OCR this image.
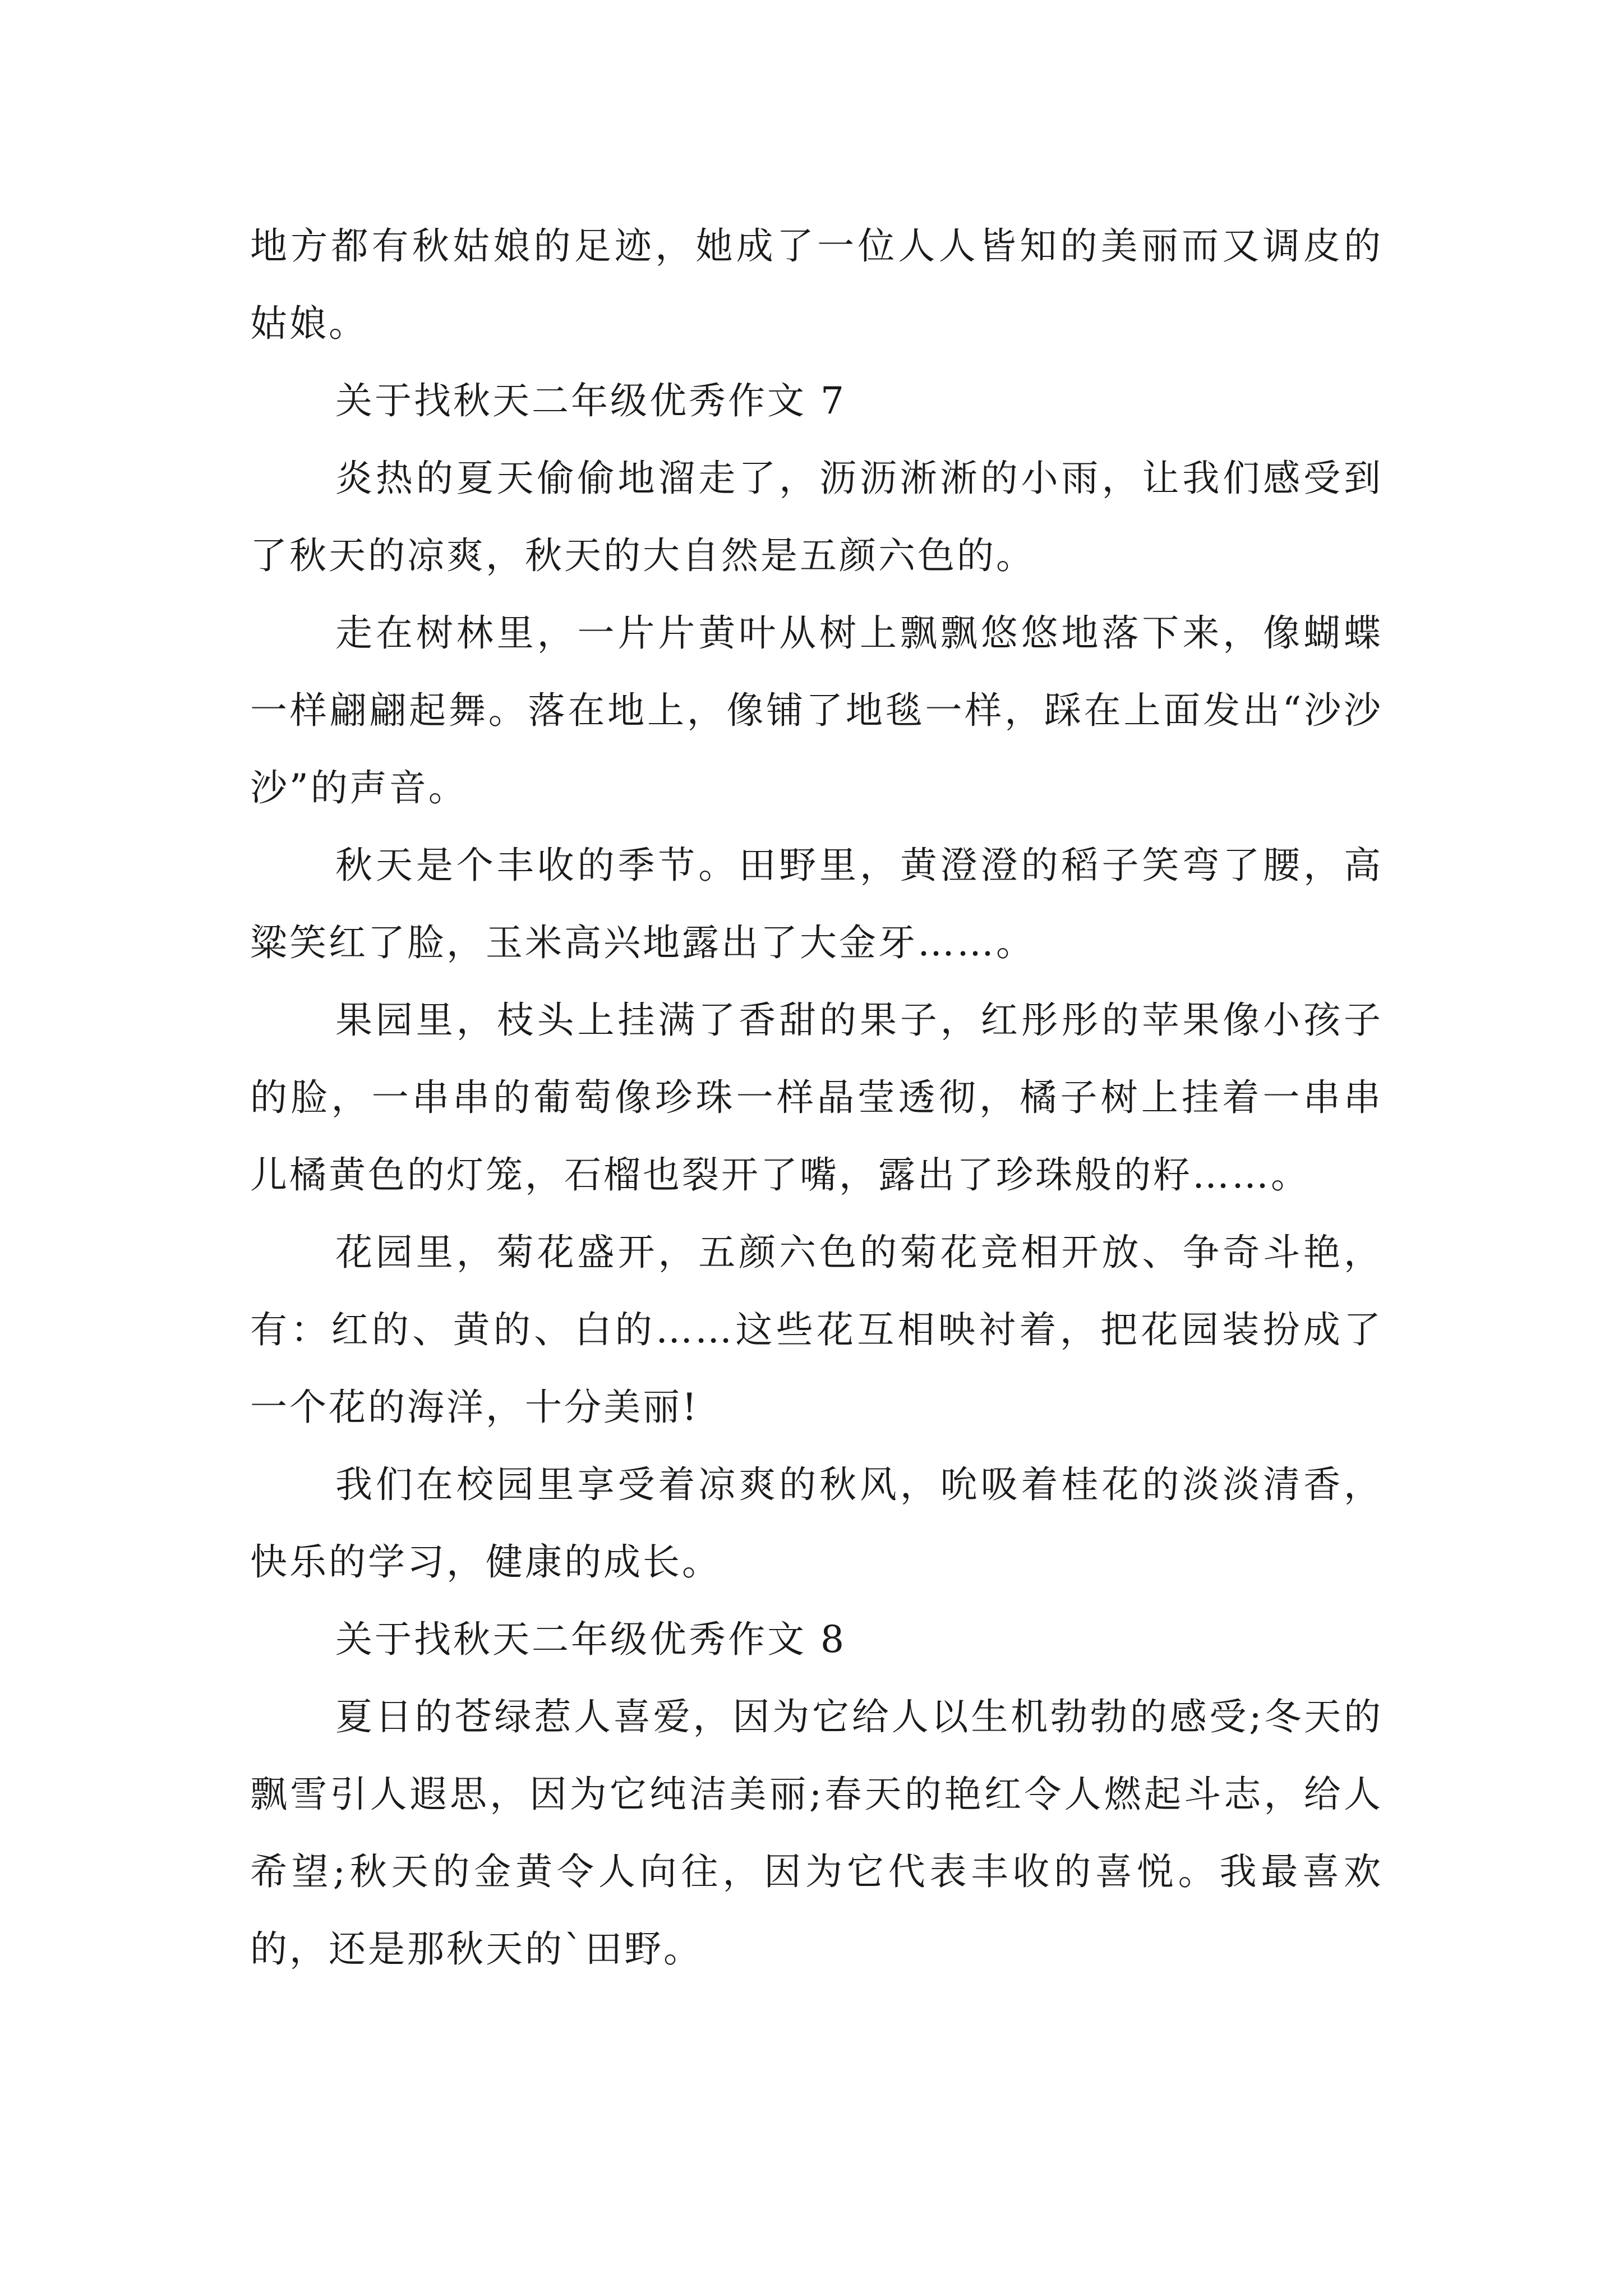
地方都有秋姑娘的足迹，她成了一位人人皆知的美丽而又调皮的姑娘。

关于找秋天二年级优秀作文 7

炎热的夏天偷偷地溜走了，沥沥淅淅的小雨，让我们感受到了秋天的凉爽，秋天的大自然是五颜六色的。

走在树林里，一片片黄叶从树上飘飘悠悠地落下来，像蝴蝶一样翩翩起舞。落在地上，像铺了地毯一样，踩在上面发出“沙沙沙”的声音。

秋天是个丰收的季节。田野里，黄澄澄的稻子笑弯了腰，高粱笑红了脸，玉米高兴地露出了大金牙……。

果园里，枝头上挂满了香甜的果子，红彤彤的苹果像小孩子的脸，一串串的葡萄像珍珠一样晶莹透彻，橘子树上挂着一串串儿橘黄色的灯笼，石榴也裂开了嘴，露出了珍珠般的籽……。

花园里，菊花盛开，五颜六色的菊花竞相开放、争奇斗艳，有：红的、黄的、白的……这些花互相映衬着，把花园装扮成了一个花的海洋，十分美丽!

我们在校园里享受着凉爽的秋风，吮吸着桂花的淡淡清香，快乐的学习，健康的成长。

关于找秋天二年级优秀作文 8

夏日的苍绿惹人喜爱，因为它给人以生机勃勃的感受;冬天的飘雪引人遐思，因为它纯洁美丽;春天的艳红令人燃起斗志，给人希望;秋天的金黄令人向往，因为它代表丰收的喜悦。我最喜欢的，还是那秋天的`田野。
